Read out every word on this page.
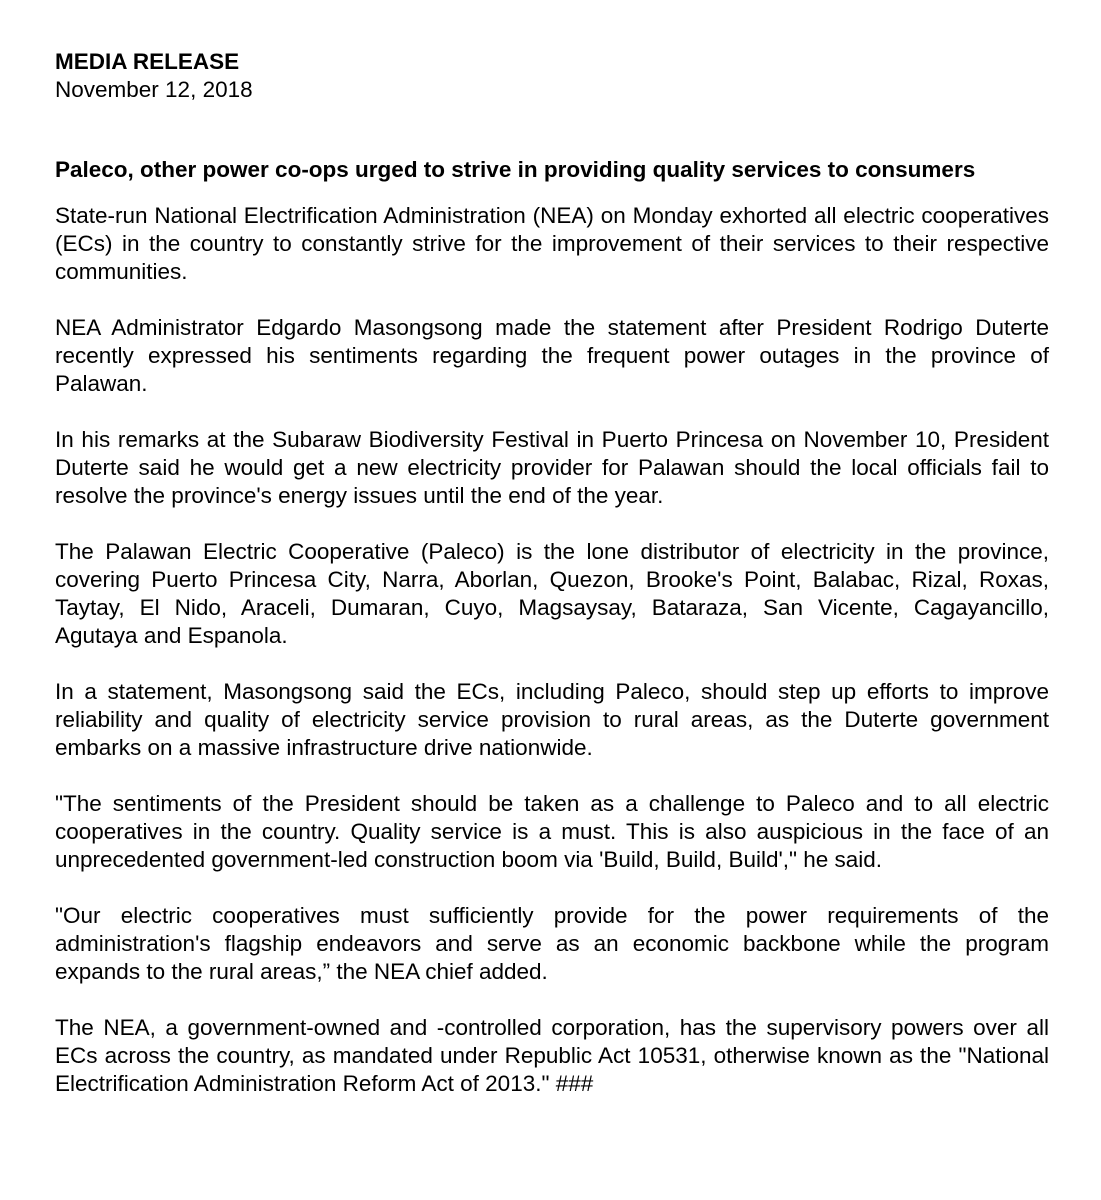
MEDIA RELEASE

November 12, 2018

Paleco, other power co-ops urged to strive in providing quality services to consumers

State-run National Electrification Administration (NEA) on Monday exhorted all electric cooperatives (ECs) in the country to constantly strive for the improvement of their services to their respective communities.

NEA Administrator Edgardo Masongsong made the statement after President Rodrigo Duterte recently expressed his sentiments regarding the frequent power outages in the province of Palawan.

In his remarks at the Subaraw Biodiversity Festival in Puerto Princesa on November 10, President Duterte said he would get a new electricity provider for Palawan should the local officials fail to resolve the province's energy issues until the end of the year.

The Palawan Electric Cooperative (Paleco) is the lone distributor of electricity in the province, covering Puerto Princesa City, Narra, Aborlan, Quezon, Brooke's Point, Balabac, Rizal, Roxas, Taytay, El Nido, Araceli, Dumaran, Cuyo, Magsaysay, Bataraza, San Vicente, Cagayancillo, Agutaya and Espanola.

In a statement, Masongsong said the ECs, including Paleco, should step up efforts to improve reliability and quality of electricity service provision to rural areas, as the Duterte government embarks on a massive infrastructure drive nationwide.

"The sentiments of the President should be taken as a challenge to Paleco and to all electric cooperatives in the country. Quality service is a must. This is also auspicious in the face of an unprecedented government-led construction boom via 'Build, Build, Build'," he said.

"Our electric cooperatives must sufficiently provide for the power requirements of the administration's flagship endeavors and serve as an economic backbone while the program expands to the rural areas,” the NEA chief added.

The NEA, a government-owned and -controlled corporation, has the supervisory powers over all ECs across the country, as mandated under Republic Act 10531, otherwise known as the "National Electrification Administration Reform Act of 2013." ###
